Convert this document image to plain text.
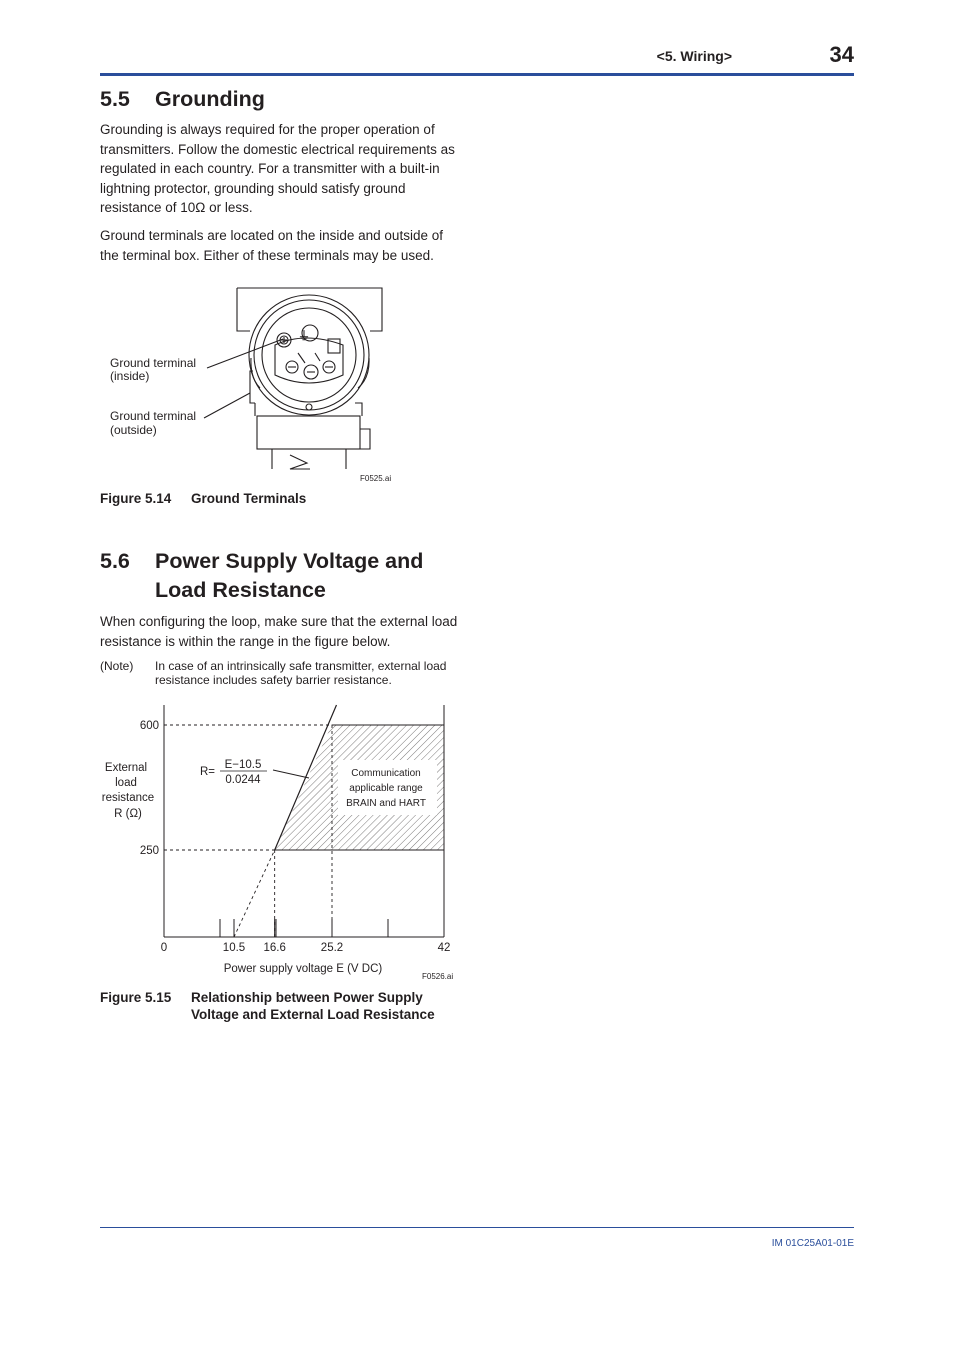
<5. Wiring>	34
5.5 Grounding
Grounding is always required for the proper operation of transmitters. Follow the domestic electrical requirements as regulated in each country. For a transmitter with a built-in lightning protector, grounding should satisfy ground resistance of 10Ω or less.
Ground terminals are located on the inside and outside of the terminal box. Either of these terminals may be used.
⏚
Ground terminal
(inside)
Ground terminal
(outside)
F0525.ai
Figure 5.14 Ground Terminals
5.6 Power Supply Voltage and Load Resistance
When configuring the loop, make sure that the external load resistance is within the range in the figure below.
(Note) In case of an intrinsically safe transmitter, external load resistance includes safety barrier resistance.
0	10.5 16.6	25.2	42
250
600
External
load
resistance
R (Ω)
R=
E−10.5
0.0244
Communication
applicable range
BRAIN and HART
Power supply voltage E (V DC)
F0526.ai
Figure 5.15 Relationship between Power Supply Voltage and External Load Resistance
IM 01C25A01-01E
